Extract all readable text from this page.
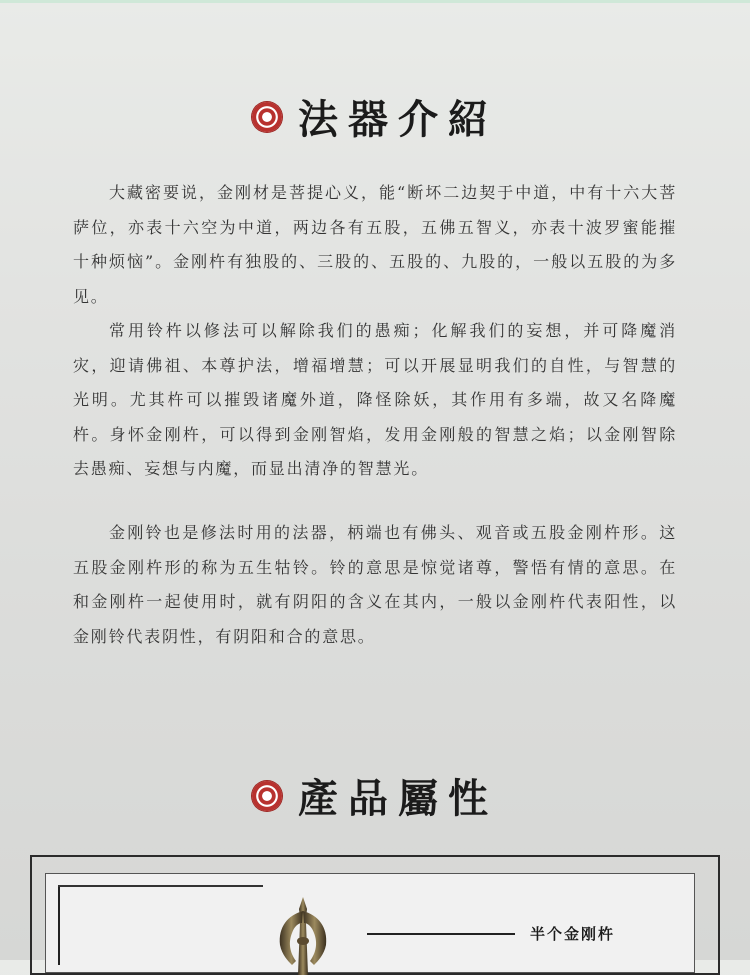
法器介紹

大藏密要说，金刚材是菩提心义，能“断坏二边契于中道，中有十六大菩萨位，亦表十六空为中道，两边各有五股，五佛五智义，亦表十波罗蜜能摧十种烦恼”。金刚杵有独股的、三股的、五股的、九股的，一般以五股的为多见。

常用铃杵以修法可以解除我们的愚痴；化解我们的妄想，并可降魔消灾，迎请佛祖、本尊护法，增福增慧；可以开展显明我们的自性，与智慧的光明。尤其杵可以摧毁诸魔外道，降怪除妖，其作用有多端，故又名降魔杵。身怀金刚杵，可以得到金刚智焰，发用金刚般的智慧之焰；以金刚智除去愚痴、妄想与内魔，而显出清净的智慧光。

金刚铃也是修法时用的法器，柄端也有佛头、观音或五股金刚杵形。这五股金刚杵形的称为五生牯铃。铃的意思是惊觉诸尊，警悟有情的意思。在和金刚杵一起使用时，就有阴阳的含义在其内，一般以金刚杵代表阳性，以金刚铃代表阴性，有阴阳和合的意思。

產品屬性
半个金刚杵
